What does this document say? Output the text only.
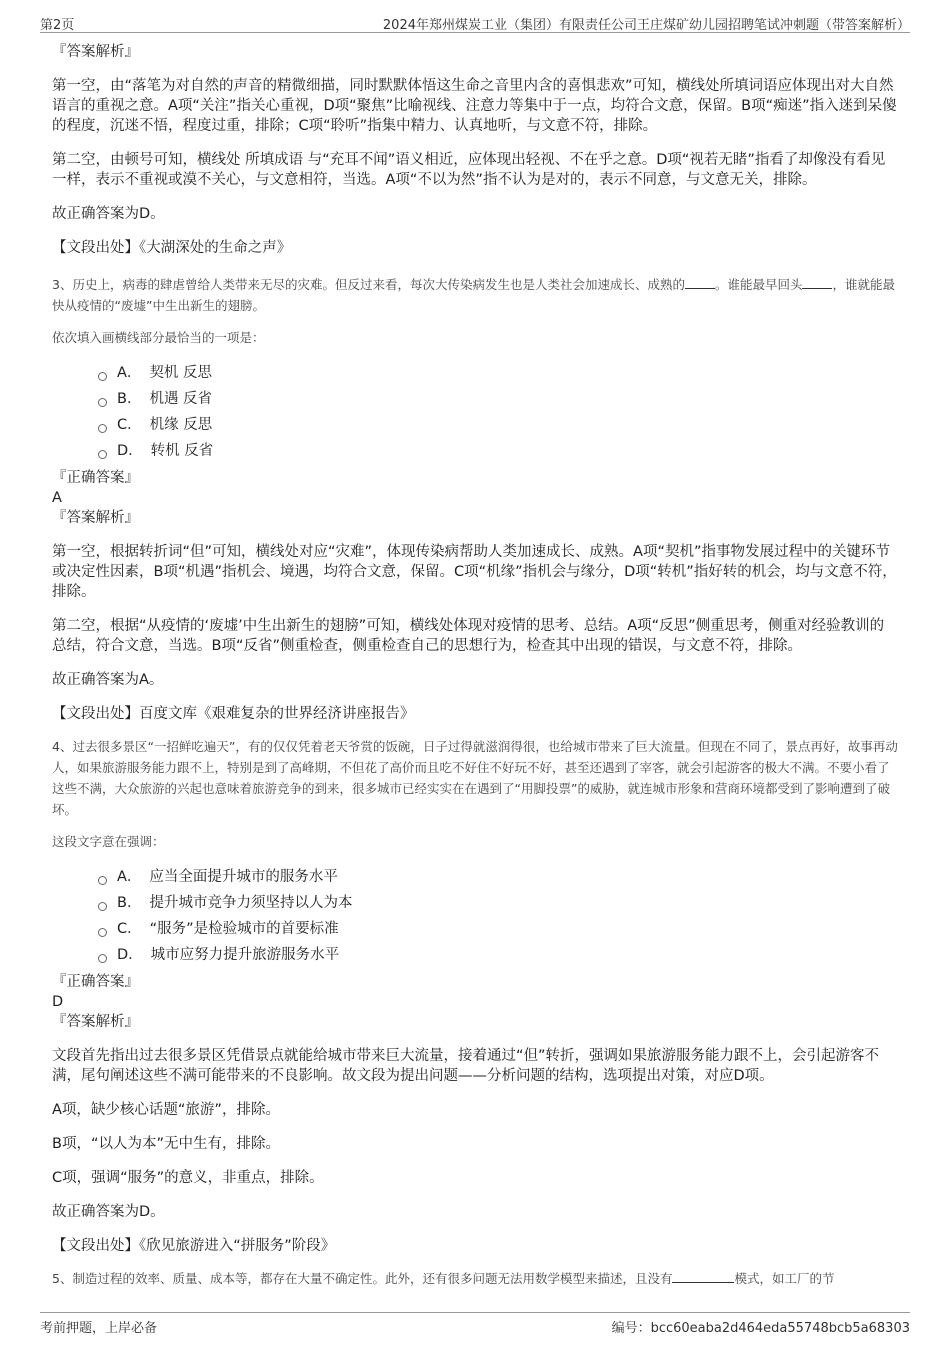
第2页	2024年郑州煤炭工业（集团）有限责任公司王庄煤矿幼儿园招聘笔试冲刺题（带答案解析）

『答案解析』

第一空，由“落笔为对自然的声音的精微细描，同时默默体悟这生命之音里内含的喜惧悲欢”可知，横线处所填词语应体现出对大自然语言的重视之意。A项“关注”指关心重视，D项“聚焦”比喻视线、注意力等集中于一点，均符合文意，保留。B项“痴迷”指入迷到呆傻的程度，沉迷不悟，程度过重，排除；C项“聆听”指集中精力、认真地听，与文意不符，排除。

第二空，由顿号可知，横线处 所填成语 与“充耳不闻”语义相近，应体现出轻视、不在乎之意。D项“视若无睹”指看了却像没有看见一样，表示不重视或漠不关心，与文意相符，当选。A项“不以为然”指不认为是对的，表示不同意，与文意无关，排除。

故正确答案为D。

【文段出处】《大湖深处的生命之声》

3、历史上，病毒的肆虐曾给人类带来无尽的灾难。但反过来看，每次大传染病发生也是人类社会加速成长、成熟的 。谁能最早回头 ，谁就能最快从疫情的“废墟”中生出新生的翅膀。

依次填入画横线部分最恰当的一项是：

A． 契机 反思
B． 机遇 反省
C． 机缘 反思
D． 转机 反省

『正确答案』

A

『答案解析』

第一空，根据转折词“但”可知，横线处对应“灾难”，体现传染病帮助人类加速成长、成熟。A项“契机”指事物发展过程中的关键环节或决定性因素，B项“机遇”指机会、境遇，均符合文意，保留。C项“机缘”指机会与缘分，D项“转机”指好转的机会，均与文意不符，排除。

第二空，根据“从疫情的‘废墟’中生出新生的翅膀”可知，横线处体现对疫情的思考、总结。A项“反思”侧重思考，侧重对经验教训的总结，符合文意，当选。B项“反省”侧重检查，侧重检查自己的思想行为，检查其中出现的错误，与文意不符，排除。

故正确答案为A。

【文段出处】百度文库《艰难复杂的世界经济讲座报告》

4、过去很多景区“一招鲜吃遍天”，有的仅仅凭着老天爷赏的饭碗，日子过得就滋润得很，也给城市带来了巨大流量。但现在不同了，景点再好，故事再动人，如果旅游服务能力跟不上，特别是到了高峰期，不但花了高价而且吃不好住不好玩不好，甚至还遇到了宰客，就会引起游客的极大不满。不要小看了这些不满，大众旅游的兴起也意味着旅游竞争的到来，很多城市已经实实在在遇到了“用脚投票”的威胁，就连城市形象和营商环境都受到了影响遭到了破坏。

这段文字意在强调：

A． 应当全面提升城市的服务水平
B． 提升城市竞争力须坚持以人为本
C． “服务”是检验城市的首要标准
D． 城市应努力提升旅游服务水平

『正确答案』

D

『答案解析』

文段首先指出过去很多景区凭借景点就能给城市带来巨大流量，接着通过“但”转折，强调如果旅游服务能力跟不上，会引起游客不满，尾句阐述这些不满可能带来的不良影响。故文段为提出问题——分析问题的结构，选项提出对策，对应D项。

A项，缺少核心话题“旅游”，排除。

B项，“以人为本”无中生有，排除。

C项，强调“服务”的意义，非重点，排除。

故正确答案为D。

【文段出处】《欣见旅游进入“拼服务”阶段》

5、制造过程的效率、质量、成本等，都存在大量不确定性。此外，还有很多问题无法用数学模型来描述，且没有	模式，如工厂的节

考前押题，上岸必备	编号：bcc60eaba2d464eda55748bcb5a68303
